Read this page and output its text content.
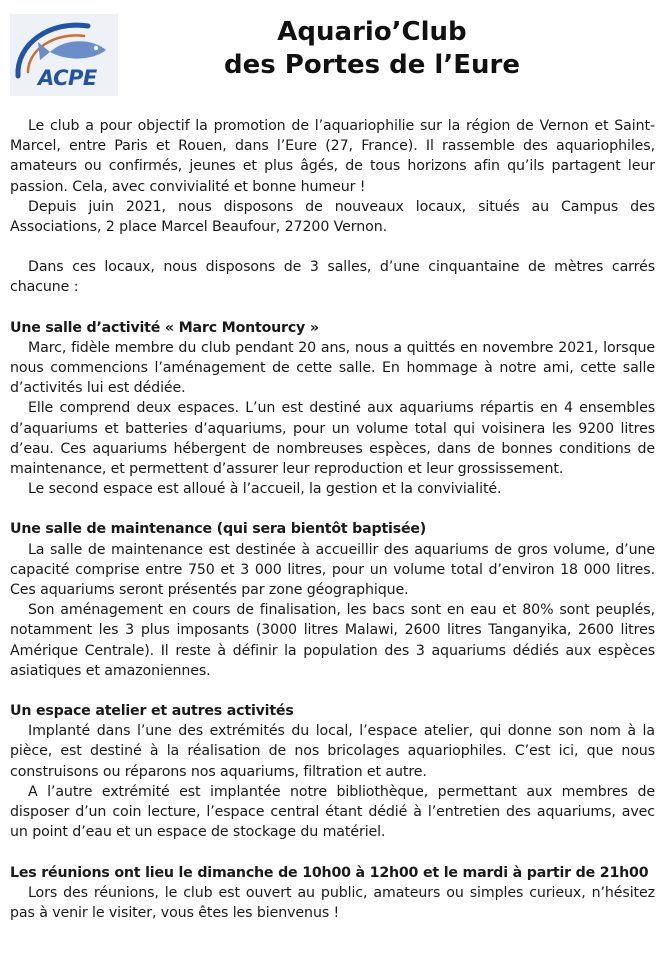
ACPE
Aquario’Club
des Portes de l’Eure

Le club a pour objectif la promotion de l’aquariophilie sur la région de Vernon et Saint-Marcel, entre Paris et Rouen, dans l’Eure (27, France). Il rassemble des aquariophiles, amateurs ou confirmés, jeunes et plus âgés, de tous horizons afin qu’ils partagent leur passion. Cela, avec convivialité et bonne humeur !

Depuis juin 2021, nous disposons de nouveaux locaux, situés au Campus des Associations, 2 place Marcel Beaufour, 27200 Vernon.

Dans ces locaux, nous disposons de 3 salles, d’une cinquantaine de mètres carrés chacune :

Une salle d’activité « Marc Montourcy »

Marc, fidèle membre du club pendant 20 ans, nous a quittés en novembre 2021, lorsque nous commencions l’aménagement de cette salle. En hommage à notre ami, cette salle d’activités lui est dédiée.

Elle comprend deux espaces. L’un est destiné aux aquariums répartis en 4 ensembles d’aquariums et batteries d’aquariums, pour un volume total qui voisinera les 9200 litres d’eau. Ces aquariums hébergent de nombreuses espèces, dans de bonnes conditions de maintenance, et permettent d’assurer leur reproduction et leur grossissement.

Le second espace est alloué à l’accueil, la gestion et la convivialité.

Une salle de maintenance (qui sera bientôt baptisée)

La salle de maintenance est destinée à accueillir des aquariums de gros volume, d’une capacité comprise entre 750 et 3 000 litres, pour un volume total d’environ 18 000 litres. Ces aquariums seront présentés par zone géographique.

Son aménagement en cours de finalisation, les bacs sont en eau et 80% sont peuplés, notamment les 3 plus imposants (3000 litres Malawi, 2600 litres Tanganyika, 2600 litres Amérique Centrale). Il reste à définir la population des 3 aquariums dédiés aux espèces asiatiques et amazoniennes.

Un espace atelier et autres activités

Implanté dans l’une des extrémités du local, l’espace atelier, qui donne son nom à la pièce, est destiné à la réalisation de nos bricolages aquariophiles. C’est ici, que nous construisons ou réparons nos aquariums, filtration et autre.

A l’autre extrémité est implantée notre bibliothèque, permettant aux membres de disposer d’un coin lecture, l’espace central étant dédié à l’entretien des aquariums, avec un point d’eau et un espace de stockage du matériel.

Les réunions ont lieu le dimanche de 10h00 à 12h00 et le mardi à partir de 21h00

Lors des réunions, le club est ouvert au public, amateurs ou simples curieux, n’hésitez pas à venir le visiter, vous êtes les bienvenus !
